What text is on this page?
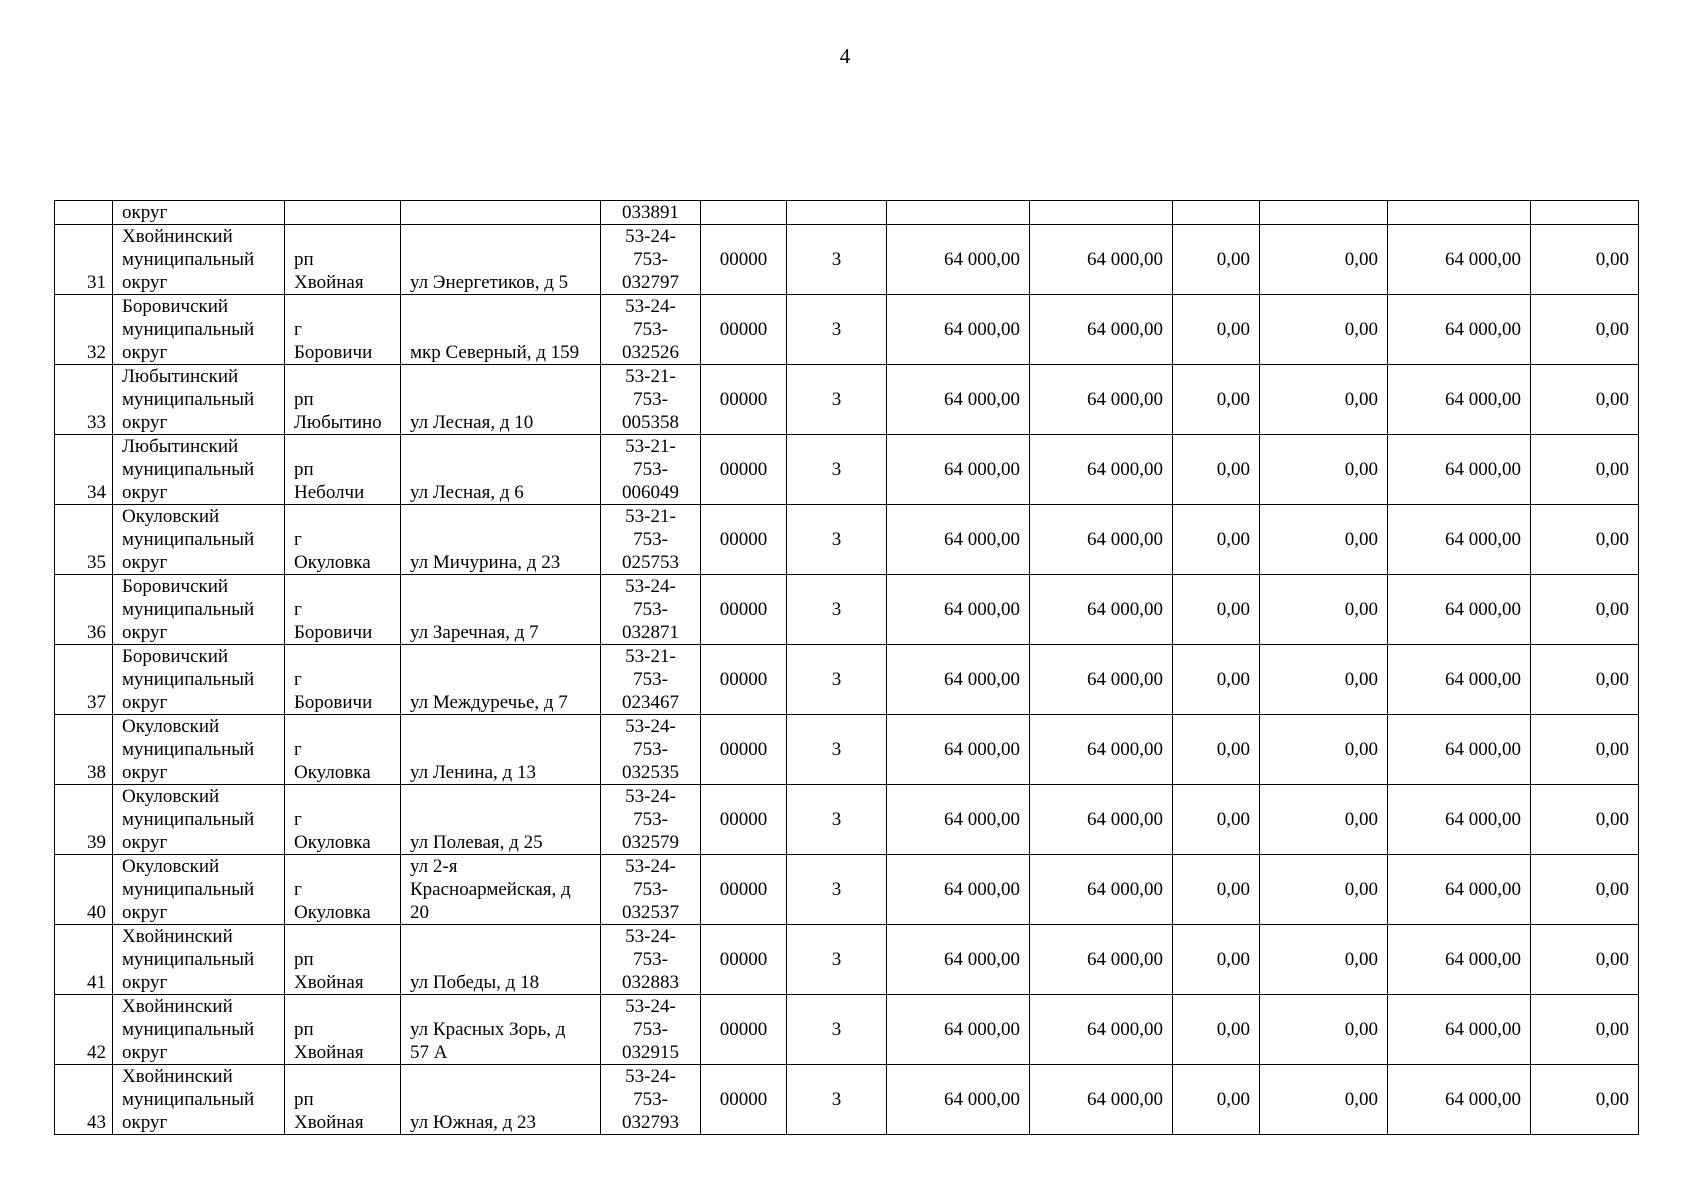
4
	округ			033891								
31	Хвойнинский
муниципальный
округ	рп
Хвойная	ул Энергетиков, д 5	53-24-
753-
032797	00000	3	64 000,00	64 000,00	0,00	0,00	64 000,00	0,00
32	Боровичский
муниципальный
округ	г
Боровичи	мкр Северный, д 159	53-24-
753-
032526	00000	3	64 000,00	64 000,00	0,00	0,00	64 000,00	0,00
33	Любытинский
муниципальный
округ	рп
Любытино	ул Лесная, д 10	53-21-
753-
005358	00000	3	64 000,00	64 000,00	0,00	0,00	64 000,00	0,00
34	Любытинский
муниципальный
округ	рп
Неболчи	ул Лесная, д 6	53-21-
753-
006049	00000	3	64 000,00	64 000,00	0,00	0,00	64 000,00	0,00
35	Окуловский
муниципальный
округ	г
Окуловка	ул Мичурина, д 23	53-21-
753-
025753	00000	3	64 000,00	64 000,00	0,00	0,00	64 000,00	0,00
36	Боровичский
муниципальный
округ	г
Боровичи	ул Заречная, д 7	53-24-
753-
032871	00000	3	64 000,00	64 000,00	0,00	0,00	64 000,00	0,00
37	Боровичский
муниципальный
округ	г
Боровичи	ул Междуречье, д 7	53-21-
753-
023467	00000	3	64 000,00	64 000,00	0,00	0,00	64 000,00	0,00
38	Окуловский
муниципальный
округ	г
Окуловка	ул Ленина, д 13	53-24-
753-
032535	00000	3	64 000,00	64 000,00	0,00	0,00	64 000,00	0,00
39	Окуловский
муниципальный
округ	г
Окуловка	ул Полевая, д 25	53-24-
753-
032579	00000	3	64 000,00	64 000,00	0,00	0,00	64 000,00	0,00
40	Окуловский
муниципальный
округ	г
Окуловка	ул 2-я
Красноармейская, д
20	53-24-
753-
032537	00000	3	64 000,00	64 000,00	0,00	0,00	64 000,00	0,00
41	Хвойнинский
муниципальный
округ	рп
Хвойная	ул Победы, д 18	53-24-
753-
032883	00000	3	64 000,00	64 000,00	0,00	0,00	64 000,00	0,00
42	Хвойнинский
муниципальный
округ	рп
Хвойная	ул Красных Зорь, д
57 А	53-24-
753-
032915	00000	3	64 000,00	64 000,00	0,00	0,00	64 000,00	0,00
43	Хвойнинский
муниципальный
округ	рп
Хвойная	ул Южная, д 23	53-24-
753-
032793	00000	3	64 000,00	64 000,00	0,00	0,00	64 000,00	0,00
